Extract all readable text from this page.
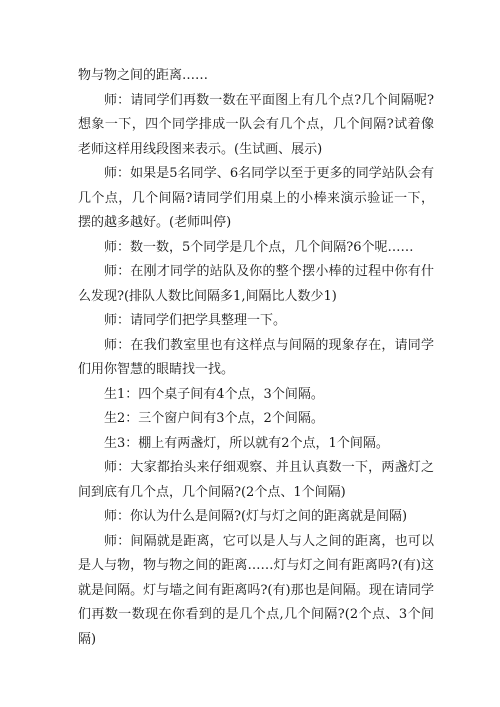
物与物之间的距离……

师：请同学们再数一数在平面图上有几个点?几个间隔呢?想象一下，四个同学排成一队会有几个点，几个间隔?试着像老师这样用线段图来表示。(生试画、展示)

师：如果是5名同学、6名同学以至于更多的同学站队会有几个点，几个间隔?请同学们用桌上的小棒来演示验证一下，摆的越多越好。(老师叫停)

师：数一数，5个同学是几个点，几个间隔?6个呢……

师：在刚才同学的站队及你的整个摆小棒的过程中你有什么发现?(排队人数比间隔多1,间隔比人数少1)

师：请同学们把学具整理一下。

师：在我们教室里也有这样点与间隔的现象存在，请同学们用你智慧的眼睛找一找。

生1：四个桌子间有4个点，3个间隔。

生2：三个窗户间有3个点，2个间隔。

生3：棚上有两盏灯，所以就有2个点，1个间隔。

师：大家都抬头来仔细观察、并且认真数一下，两盏灯之间到底有几个点，几个间隔?(2个点、1个间隔)

师：你认为什么是间隔?(灯与灯之间的距离就是间隔)

师：间隔就是距离，它可以是人与人之间的距离，也可以是人与物，物与物之间的距离……灯与灯之间有距离吗?(有)这就是间隔。灯与墙之间有距离吗?(有)那也是间隔。现在请同学们再数一数现在你看到的是几个点,几个间隔?(2个点、3个间隔)
